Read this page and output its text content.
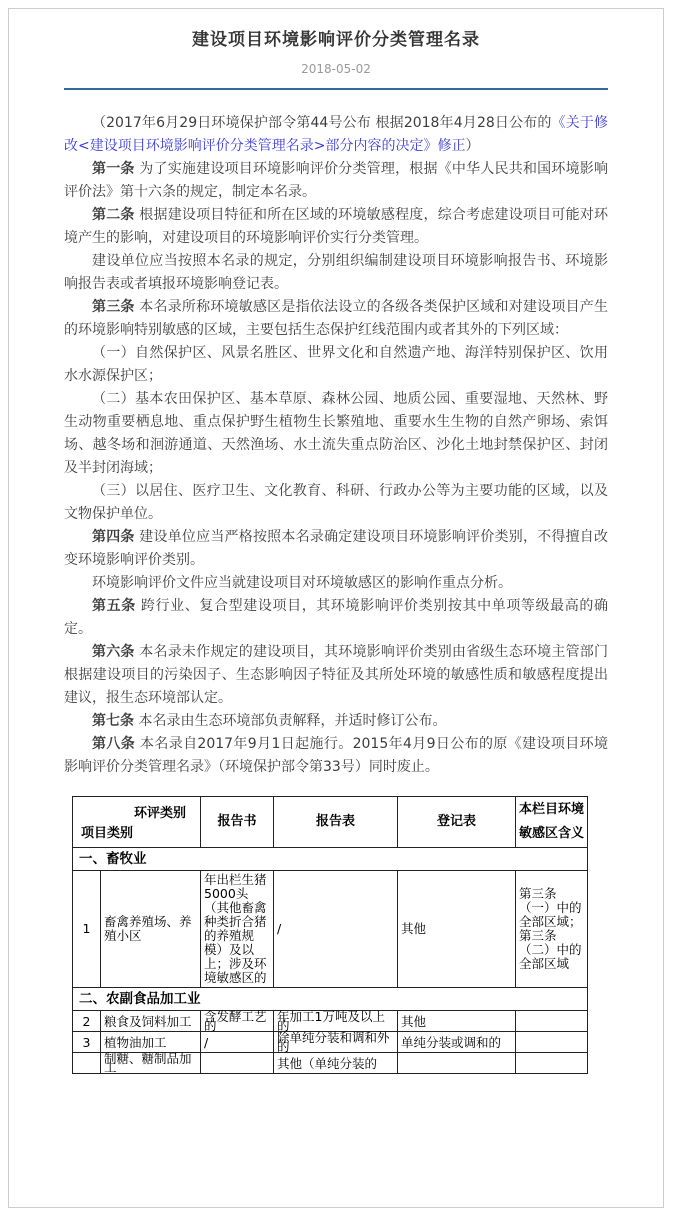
建设项目环境影响评价分类管理名录
2018-05-02

（2017年6月29日环境保护部令第44号公布 根据2018年4月28日公布的《关于修改<建设项目环境影响评价分类管理名录>部分内容的决定》修正）

第一条 为了实施建设项目环境影响评价分类管理，根据《中华人民共和国环境影响评价法》第十六条的规定，制定本名录。

第二条 根据建设项目特征和所在区域的环境敏感程度，综合考虑建设项目可能对环境产生的影响，对建设项目的环境影响评价实行分类管理。

建设单位应当按照本名录的规定，分别组织编制建设项目环境影响报告书、环境影响报告表或者填报环境影响登记表。

第三条 本名录所称环境敏感区是指依法设立的各级各类保护区域和对建设项目产生的环境影响特别敏感的区域，主要包括生态保护红线范围内或者其外的下列区域：

（一）自然保护区、风景名胜区、世界文化和自然遗产地、海洋特别保护区、饮用水水源保护区；

（二）基本农田保护区、基本草原、森林公园、地质公园、重要湿地、天然林、野生动物重要栖息地、重点保护野生植物生长繁殖地、重要水生生物的自然产卵场、索饵场、越冬场和洄游通道、天然渔场、水土流失重点防治区、沙化土地封禁保护区、封闭及半封闭海域；

（三）以居住、医疗卫生、文化教育、科研、行政办公等为主要功能的区域，以及文物保护单位。

第四条 建设单位应当严格按照本名录确定建设项目环境影响评价类别，不得擅自改变环境影响评价类别。

环境影响评价文件应当就建设项目对环境敏感区的影响作重点分析。

第五条 跨行业、复合型建设项目，其环境影响评价类别按其中单项等级最高的确定。

第六条 本名录未作规定的建设项目，其环境影响评价类别由省级生态环境主管部门根据建设项目的污染因子、生态影响因子特征及其所处环境的敏感性质和敏感程度提出建议，报生态环境部认定。

第七条 本名录由生态环境部负责解释，并适时修订公布。

第八条 本名录自2017年9月1日起施行。2015年4月9日公布的原《建设项目环境影响评价分类管理名录》（环境保护部令第33号）同时废止。

环评类别
项目类别		报告书	报告表	登记表	本栏目环境敏感区含义
一、畜牧业					
1	畜禽养殖场、养殖小区	年出栏生猪5000头（其他畜禽种类折合猪的养殖规模）及以上；涉及环境敏感区的	/	其他	第三条（一）中的全部区域；第三条（二）中的全部区域
二、农副食品加工业					
2	粮食及饲料加工	含发酵工艺的	年加工1万吨及以上的	其他	
3	植物油加工	/	除单纯分装和调和外的	单纯分装或调和的	
	制糖、糖制品加工		其他（单纯分装的		
